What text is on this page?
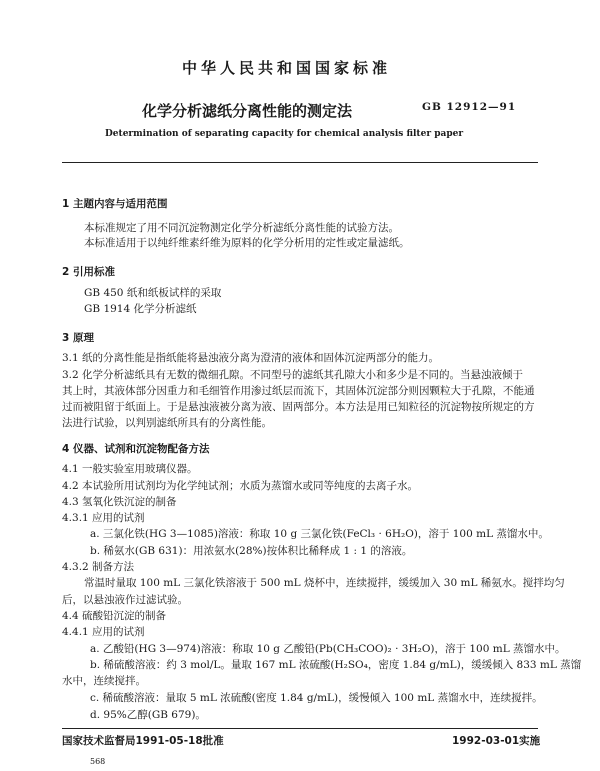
中华人民共和国国家标准
化学分析滤纸分离性能的测定法	GB 12912—91
Determination of separating capacity for chemical analysis filter paper
1 主题内容与适用范围
本标准规定了用不同沉淀物测定化学分析滤纸分离性能的试验方法。
本标准适用于以纯纤维素纤维为原料的化学分析用的定性或定量滤纸。
2 引用标准
GB 450 纸和纸板试样的采取
GB 1914 化学分析滤纸
3 原理
3.1 纸的分离性能是指纸能将悬浊液分离为澄清的液体和固体沉淀两部分的能力。
3.2 化学分析滤纸具有无数的微细孔隙。不同型号的滤纸其孔隙大小和多少是不同的。当悬浊液倾于
其上时，其液体部分因重力和毛细管作用渗过纸层而流下，其固体沉淀部分则因颗粒大于孔隙，不能通
过而被阻留于纸面上。于是悬浊液被分离为液、固两部分。本方法是用已知粒径的沉淀物按所规定的方
法进行试验，以判别滤纸所具有的分离性能。
4 仪器、试剂和沉淀物配备方法
4.1 一般实验室用玻璃仪器。
4.2 本试验所用试剂均为化学纯试剂；水质为蒸馏水或同等纯度的去离子水。
4.3 氢氧化铁沉淀的制备
4.3.1 应用的试剂
a. 三氯化铁(HG 3—1085)溶液：称取 10 g 三氯化铁(FeCl₃ · 6H₂O)，溶于 100 mL 蒸馏水中。
b. 稀氨水(GB 631)：用浓氨水(28%)按体积比稀释成 1 : 1 的溶液。
4.3.2 制备方法
常温时量取 100 mL 三氯化铁溶液于 500 mL 烧杯中，连续搅拌，缓缓加入 30 mL 稀氨水。搅拌均匀
后，以悬浊液作过滤试验。
4.4 硫酸铅沉淀的制备
4.4.1 应用的试剂
a. 乙酸铅(HG 3—974)溶液：称取 10 g 乙酸铅(Pb(CH₃COO)₂ · 3H₂O)，溶于 100 mL 蒸馏水中。
b. 稀硫酸溶液：约 3 mol/L。量取 167 mL 浓硫酸(H₂SO₄，密度 1.84 g/mL)，缓缓倾入 833 mL 蒸馏
水中，连续搅拌。
c. 稀硫酸溶液：量取 5 mL 浓硫酸(密度 1.84 g/mL)，缓慢倾入 100 mL 蒸馏水中，连续搅拌。
d. 95%乙醇(GB 679)。
国家技术监督局1991-05-18批准	1992-03-01实施
568
